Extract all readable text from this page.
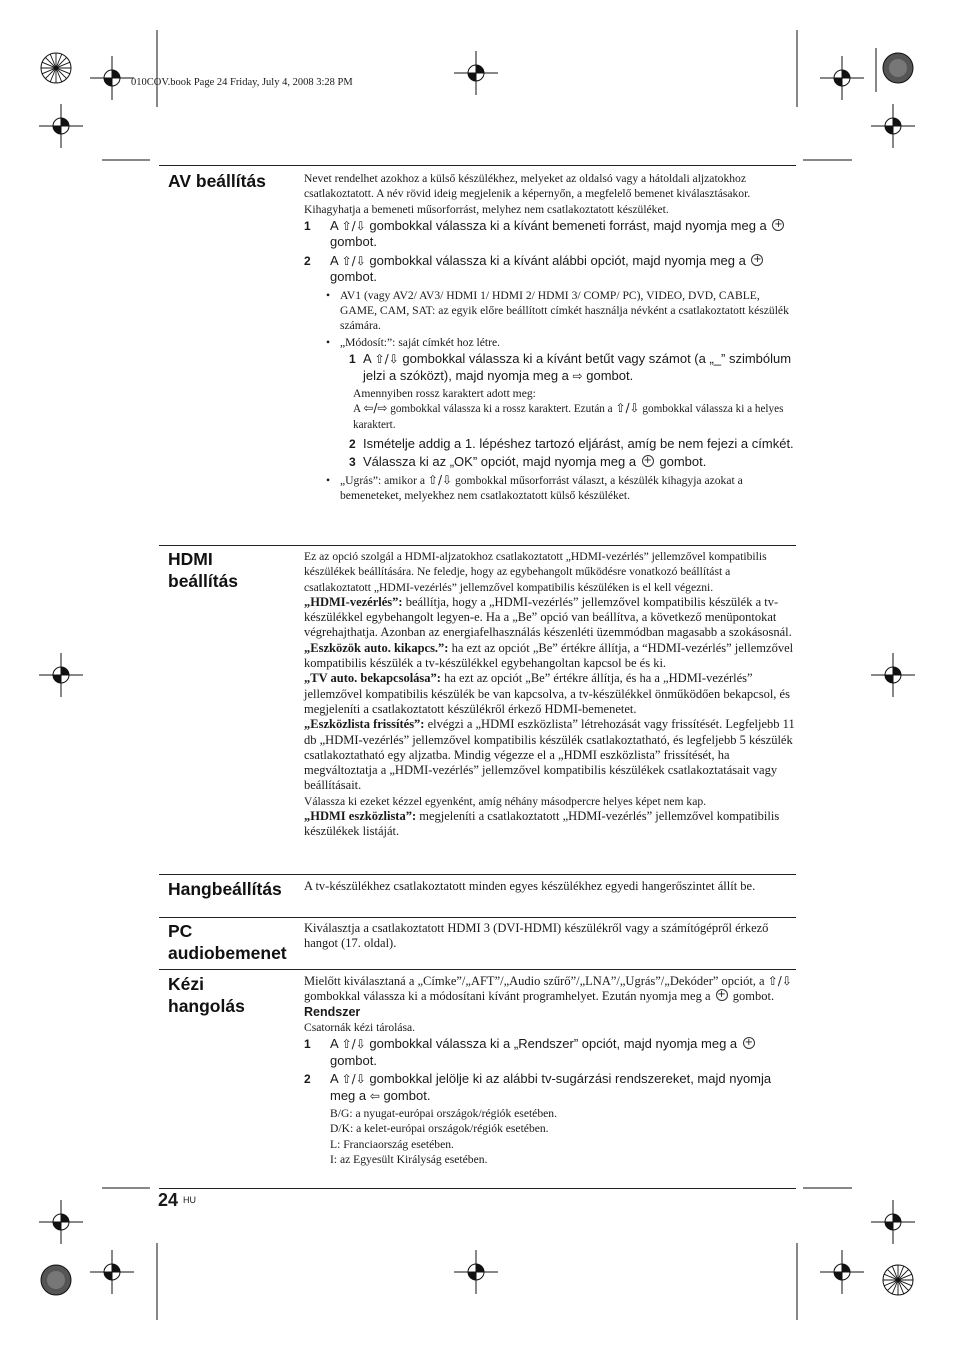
010COV.book Page 24 Friday, July 4, 2008 3:28 PM
AV beállítás	Nevet rendelhet azokhoz a külső készülékhez, melyeket az oldalsó vagy a hátoldali aljzatokhoz csatlakoztatott. A név rövid ideig megjelenik a képernyőn, a megfelelő bemenet kiválasztásakor. Kihagyhatja a bemeneti műsorforrást, melyhez nem csatlakoztatott készüléket.

1	A ⇧/⇩ gombokkal válassza ki a kívánt bemeneti forrást, majd nyomja meg a + gombot.
2	A ⇧/⇩ gombokkal válassza ki a kívánt alábbi opciót, majd nyomja meg a + gombot.
• AV1 (vagy AV2/ AV3/ HDMI 1/ HDMI 2/ HDMI 3/ COMP/ PC), VIDEO, DVD, CABLE, GAME, CAM, SAT: az egyik előre beállított címkét használja névként a csatlakoztatott készülék számára.
• „Módosít:”: saját címkét hoz létre.
1 A ⇧/⇩ gombokkal válassza ki a kívánt betűt vagy számot (a „_” szimbólum jelzi a szóközt), majd nyomja meg a ⇨ gombot.

Amennyiben rossz karaktert adott meg:

A ⇦/⇨ gombokkal válassza ki a rossz karaktert. Ezután a ⇧/⇩ gombokkal válassza ki a helyes karaktert.

2 Ismételje addig a 1. lépéshez tartozó eljárást, amíg be nem fejezi a címkét.
3 Válassza ki az „OK” opciót, majd nyomja meg a + gombot.
• „Ugrás”: amikor a ⇧/⇩ gombokkal műsorforrást választ, a készülék kihagyja azokat a bemeneteket, melyekhez nem csatlakoztatott külső készüléket.
HDMI
beállítás

Ez az opció szolgál a HDMI-aljzatokhoz csatlakoztatott „HDMI-vezérlés” jellemzővel kompatibilis készülékek beállítására. Ne feledje, hogy az egybehangolt működésre vonatkozó beállítást a csatlakoztatott „HDMI-vezérlés” jellemzővel kompatibilis készüléken is el kell végezni.

„HDMI-vezérlés”: beállítja, hogy a „HDMI-vezérlés” jellemzővel kompatibilis készülék a tv-készülékkel egybehangolt legyen-e. Ha a „Be” opció van beállítva, a következő menüpontokat végrehajthatja. Azonban az energiafelhasználás készenléti üzemmódban magasabb a szokásosnál.

„Eszközök auto. kikapcs.”: ha ezt az opciót „Be” értékre állítja, a “HDMI-vezérlés” jellemzővel kompatibilis készülék a tv-készülékkel egybehangoltan kapcsol be és ki.

„TV auto. bekapcsolása”: ha ezt az opciót „Be” értékre állítja, és ha a „HDMI-vezérlés” jellemzővel kompatibilis készülék be van kapcsolva, a tv-készülékkel önműködően bekapcsol, és megjeleníti a csatlakoztatott készülékről érkező HDMI-bemenetet.

„Eszközlista frissítés”: elvégzi a „HDMI eszközlista” létrehozását vagy frissítését. Legfeljebb 11 db „HDMI-vezérlés” jellemzővel kompatibilis készülék csatlakoztatható, és legfeljebb 5 készülék csatlakoztatható egy aljzatba. Mindig végezze el a „HDMI eszközlista” frissítését, ha megváltoztatja a „HDMI-vezérlés” jellemzővel kompatibilis készülékek csatlakoztatásait vagy beállításait.

Válassza ki ezeket kézzel egyenként, amíg néhány másodpercre helyes képet nem kap.

„HDMI eszközlista”: megjeleníti a csatlakoztatott „HDMI-vezérlés” jellemzővel kompatibilis készülékek listáját.

Hangbeállítás A tv-készülékhez csatlakoztatott minden egyes készülékhez egyedi hangerőszintet állít be.

PC
audiobemenet

Kiválasztja a csatlakoztatott HDMI 3 (DVI-HDMI) készülékről vagy a számítógépről érkező hangot (17. oldal).

Kézi
hangolás

Mielőtt kiválasztaná a „Címke”/„AFT”/„Audio szűrő”/„LNA”/„Ugrás”/„Dekóder” opciót, a ⇧/⇩ gombokkal válassza ki a módosítani kívánt programhelyet. Ezután nyomja meg a + gombot.

Rendszer

Csatornák kézi tárolása.

1	A ⇧/⇩ gombokkal válassza ki a „Rendszer” opciót, majd nyomja meg a + gombot.
2	A ⇧/⇩ gombokkal jelölje ki az alábbi tv-sugárzási rendszereket, majd nyomja meg a ⇦ gombot.
B/G: a nyugat-európai országok/régiók esetében.
D/K: a kelet-európai országok/régiók esetében.
L: Franciaország esetében.
I: az Egyesült Királyság esetében.
24 HU
